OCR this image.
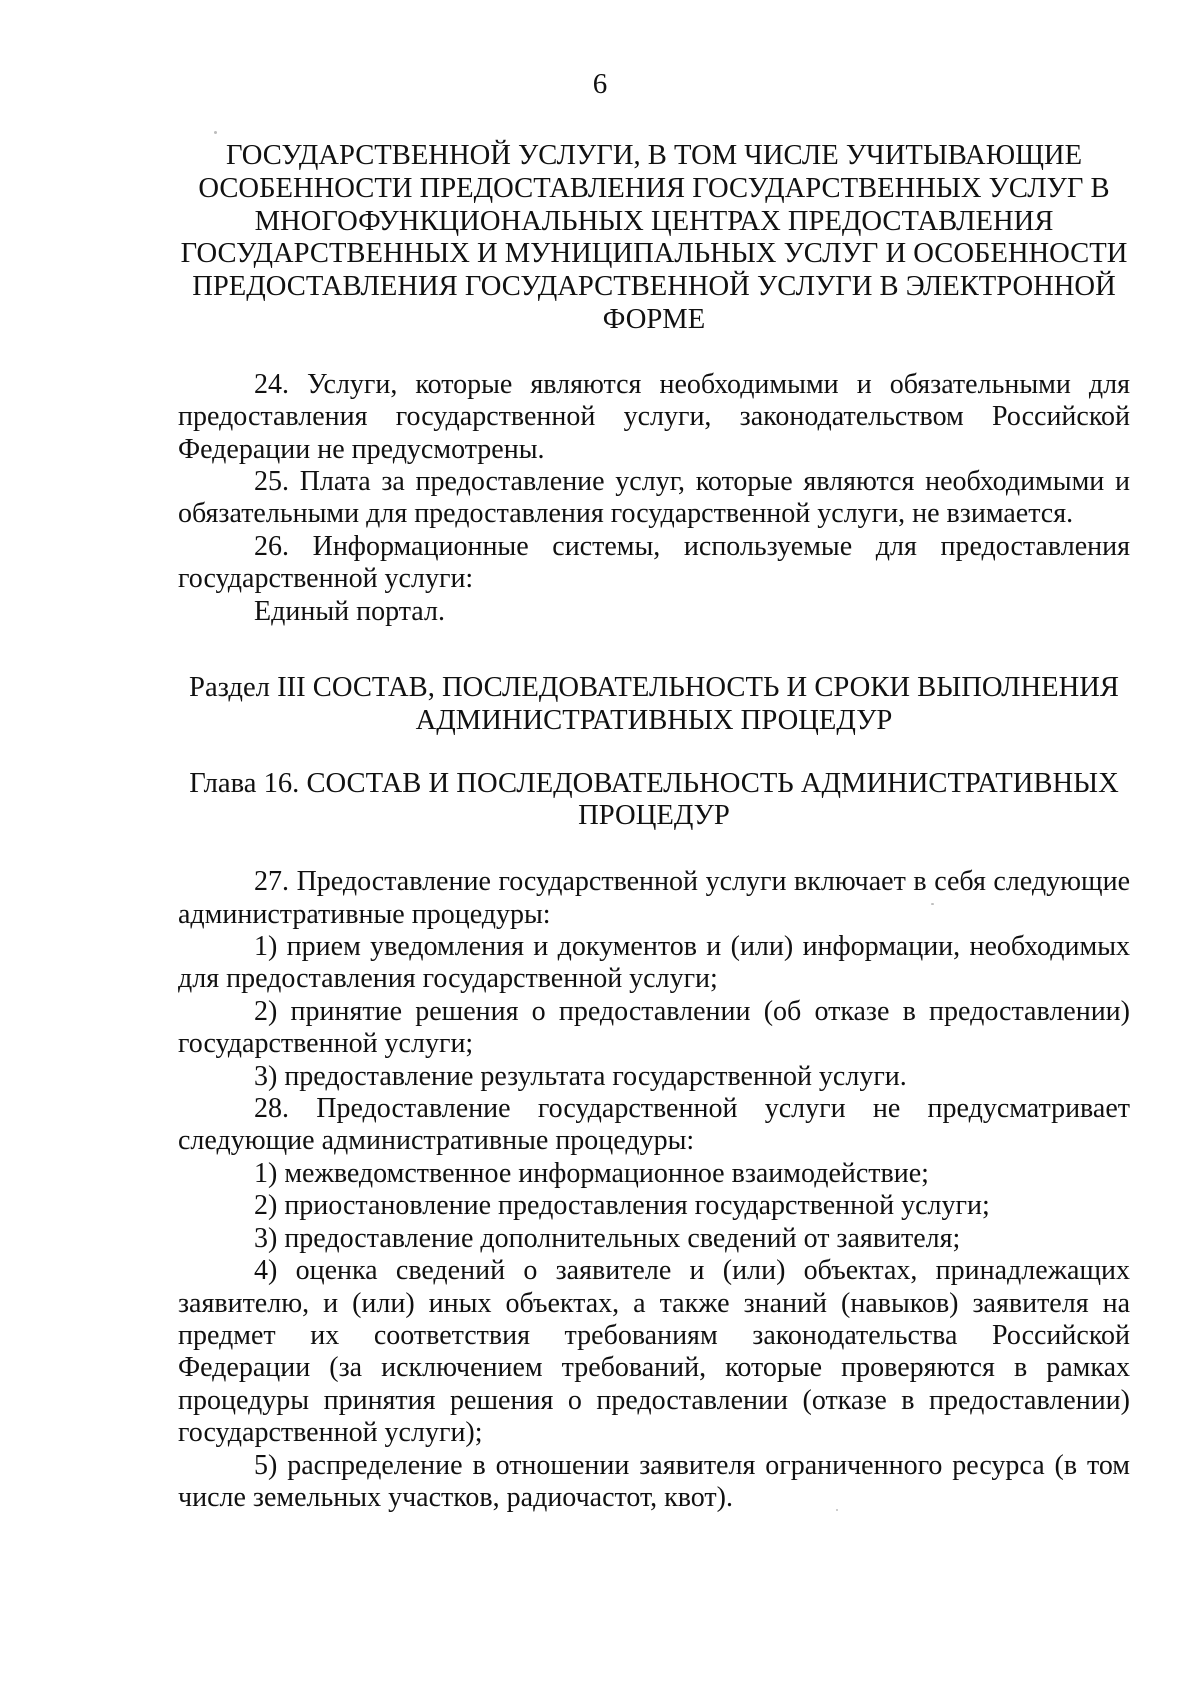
6
ГОСУДАРСТВЕННОЙ УСЛУГИ, В ТОМ ЧИСЛЕ УЧИТЫВАЮЩИЕ
ОСОБЕННОСТИ ПРЕДОСТАВЛЕНИЯ ГОСУДАРСТВЕННЫХ УСЛУГ В
МНОГОФУНКЦИОНАЛЬНЫХ ЦЕНТРАХ ПРЕДОСТАВЛЕНИЯ
ГОСУДАРСТВЕННЫХ И МУНИЦИПАЛЬНЫХ УСЛУГ И ОСОБЕННОСТИ
ПРЕДОСТАВЛЕНИЯ ГОСУДАРСТВЕННОЙ УСЛУГИ В ЭЛЕКТРОННОЙ
ФОРМЕ

24. Услуги, которые являются необходимыми и обязательными для предоставления государственной услуги, законодательством Российской Федерации не предусмотрены.

25. Плата за предоставление услуг, которые являются необходимыми и обязательными для предоставления государственной услуги, не взимается.

26. Информационные системы, используемые для предоставления государственной услуги:

Единый портал.

Раздел III СОСТАВ, ПОСЛЕДОВАТЕЛЬНОСТЬ И СРОКИ ВЫПОЛНЕНИЯ
АДМИНИСТРАТИВНЫХ ПРОЦЕДУР
Глава 16. СОСТАВ И ПОСЛЕДОВАТЕЛЬНОСТЬ АДМИНИСТРАТИВНЫХ
ПРОЦЕДУР

27. Предоставление государственной услуги включает в себя следующие административные процедуры:

1) прием уведомления и документов и (или) информации, необходимых для предоставления государственной услуги;

2) принятие решения о предоставлении (об отказе в предоставлении) государственной услуги;

3) предоставление результата государственной услуги.

28. Предоставление государственной услуги не предусматривает следующие административные процедуры:

1) межведомственное информационное взаимодействие;

2) приостановление предоставления государственной услуги;

3) предоставление дополнительных сведений от заявителя;

4) оценка сведений о заявителе и (или) объектах, принадлежащих заявителю, и (или) иных объектах, а также знаний (навыков) заявителя на предмет их соответствия требованиям законодательства Российской Федерации (за исключением требований, которые проверяются в рамках процедуры принятия решения о предоставлении (отказе в предоставлении) государственной услуги);

5) распределение в отношении заявителя ограниченного ресурса (в том числе земельных участков, радиочастот, квот).
